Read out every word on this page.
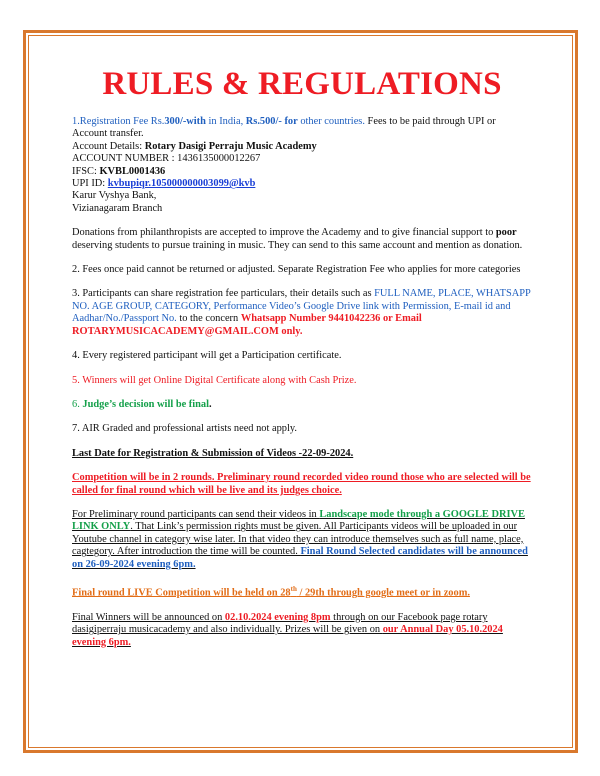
RULES & REGULATIONS

1.Registration Fee Rs.300/-with in India, Rs.500/- for other countries. Fees to be paid through UPI or Account transfer.

Account Details: Rotary Dasigi Perraju Music Academy

ACCOUNT NUMBER : 1436135000012267

IFSC: KVBL0001436

UPI ID: kvbupiqr.105000000003099@kvb

Karur Vyshya Bank,

Vizianagaram Branch

Donations from philanthropists are accepted to improve the Academy and to give financial support to poor deserving students to pursue training in music. They can send to this same account and mention as donation.

2. Fees once paid cannot be returned or adjusted. Separate Registration Fee who applies for more categories

3. Participants can share registration fee particulars, their details such as FULL NAME, PLACE, WHATSAPP NO. AGE GROUP, CATEGORY, Performance Video’s Google Drive link with Permission, E-mail id and Aadhar/No./Passport No. to the concern Whatsapp Number 9441042236 or Email ROTARYMUSICACADEMY@GMAIL.COM only.

4. Every registered participant will get a Participation certificate.

5. Winners will get Online Digital Certificate along with Cash Prize.

6. Judge’s decision will be final.

7. AIR Graded and professional artists need not apply.

Last Date for Registration & Submission of Videos -22-09-2024.

Competition will be in 2 rounds. Preliminary round recorded video round those who are selected will be called for final round which will be live and its judges choice.

For Preliminary round participants can send their videos in Landscape mode through a GOOGLE DRIVE LINK ONLY. That Link’s permission rights must be given. All Participants videos will be uploaded in our Youtube channel in category wise later. In that video they can introduce themselves such as full name, place, cagtegory. After introduction the time will be counted. Final Round Selected candidates will be announced on 26-09-2024 evening 6pm.

Final round LIVE Competition will be held on 28th / 29th through google meet or in zoom.

Final Winners will be announced on 02.10.2024 evening 8pm through on our Facebook page rotary dasigiperraju musicacademy and also individually. Prizes will be given on our Annual Day 05.10.2024 evening 6pm.
